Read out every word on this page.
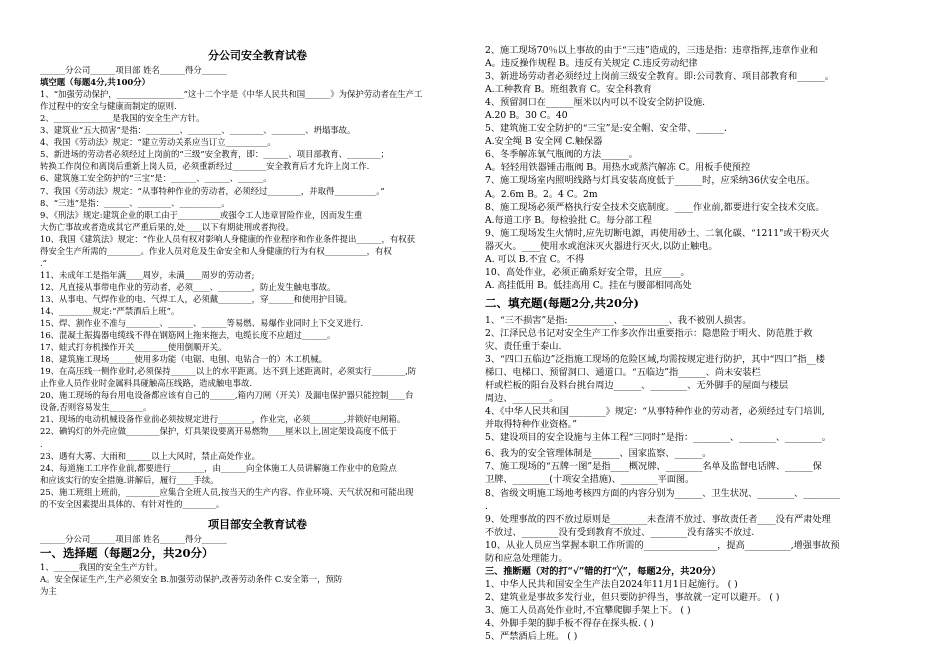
分公司安全教育试卷
______分公司______项目部 姓名______得分______
填空题（每题4分,共100分）
1、“加强劳动保护，________________”这十二个字是《中华人民共和国______》为保护劳动者在生产工
作过程中的安全与健康而制定的原则.
2、______________是我国的安全生产方针。
3、建筑业“五大损害”是指：________、________、________、________、坍塌事故。
4、我国《劳动法》规定：“建立劳动关系应当订立__________。
5、新进场的劳动者必须经过上岗前的“三级”安全教育，即：______、项目部教育、________；
转换工作岗位和离岗后重新上岗人员，必须重新经过________安全教育后才允许上岗工作.
6、建筑施工安全防护的“三宝”是：______、______、______。
7、我国《劳动法》规定：“从事特种作业的劳动者，必须经过________，并取得__________。”
8、“三违”是指：______、________、__________。
9、《刑法》规定:建筑企业的职工由于__________或强令工人违章冒险作业，因而发生重
大伤亡事故或者造成其它严重后果的,处____以下有期徒刑或者拘役。
10、我国《建筑法》规定：“作业人员有权对影响人身健康的作业程序和作业条件提出______，有权获
得安全生产所需的________。作业人员对危及生命安全和人身健康的行为有权__________，有权
.”
11、未成年工是指年满____周岁，未满____周岁的劳动者;
12、凡直接从事带电作业的劳动者，必须____、________，防止发生触电事故。
13、从事电、气焊作业的电、气焊工人，必须戴________，穿______和使用护目镜。
14、________规定:“严禁酒后上班”。
15、焊、割作业不准与________、______、______等易燃、易爆作业同时上下交叉进行.
16、混凝土振捣器电缆线不得在钢筋网上拖来拖去，电缆长度不应超过______。
17、蛙式打夯机操作开关________使用倒顺开关。
18、建筑施工现场______使用多功能（电锯、电刨、电钻合一的）木工机械。
19、在高压线一侧作业时,必须保持______以上的水平距离。达不到上述距离时，必须实行________,防
止作业人员作业时金属料具碰触高压线路，造成触电事故.
20、施工现场的每台用电设备都应该有自己的______,箱内刀闸（开关）及漏电保护器只能控制____台
设备,否则容易发生________。
21、现场的电动机械设备作业前必须按规定进行________，作业完，必须________,并锁好电闸箱。
22、碘钨灯的外壳应做________保护，灯具架设要离开易燃物____厘米以上,固定架设高度不低于
.
23、遇有大雾、大雨和______以上大风时，禁止高处作业。
24、每道施工工序作业前,都要进行________，由______向全体施工人员讲解施工作业中的危险点
和应该实行的安全措施.讲解后，履行____手续。
25、施工班组上班前，________应集合全班人员,按当天的生产内容、作业环境、天气状况和可能出现
的不安全因素提出具体的、有针对性的________。
项目部安全教育试卷
______分公司______项目部 姓名______得分______
一、选择题（每题2分，共20分）
1、______我国的安全生产方针。
A。安全保证生产,生产必须安全 B.加强劳动保护,改善劳动条件 C.安全第一，预防
为主
2、施工现场70％以上事故的由于“三违”造成的，三违是指：违章指挥,违章作业和
A。违反操作规程 B。违反有关规定 C.违反劳动纪律
3、新进场劳动者必须经过上岗前三级安全教育。即:公司教育、项目部教育和______。
A.工种教育 B。班组教育 C。安全科教育
4、预留洞口在______厘米以内可以不设安全防护设施.
A.20 B。30 C。40
5、建筑施工安全防护的“三宝”是:安全帽、安全带、______.
A.安全绳 B 安全网 C.触保器
6、冬季解冻氧气瓶阀的方法______。
A。轻轻用铁器锤击瓶阀 B。用热水或蒸汽解冻 C。用板手使预控
7、施工现场室内照明线路与灯具安装高度低于______时，应采纳36伏安全电压。
A。2.6m B。2。4 C。2m
8、施工现场必须严格执行安全技术交底制度。____作业前,都要进行安全技术交底。
A.每道工序 B。每检验批 C。每分部工程
9、施工现场发生火情时,应先切断电源，再使用砂土、二氧化碳、“1211"或干粉灭火
器灭火。____使用水或泡沫灭火器进行灭火,以防止触电。
A. 可以 B.不宜 C。不得
10、高处作业，必须正确系好安全带，且应____。
A. 高挂低用 B。低挂高用 C。挂在与腰部相同高处
二、填充题(每题2分,共20分)
1、“三不损害”是指:__________、__________、我不被别人损害。
2、江泽民总书记对安全生产工作多次作出重要指示：隐患险于明火、防范胜于救
灾、责任重于泰山.
3、“四口五临边”泛指施工现场的危险区域,均需按规定进行防护，其中“四口”指__楼
梯口、电梯口、预留洞口、通道口。“五临边”指______、尚未安装栏
杆或栏板的阳台及料台挑台周边______、________、无外脚手的屋面与楼层
周边、________。
4、《中华人民共和国________》规定：“从事特种作业的劳动者，必须经过专门培训,
并取得特种作业资格。”
5、建设项目的安全设施与主体工程“三同时”是指：________、________、________。
6、我为的安全管理体制是______、国家监察、______。
7、施工现场的“五牌一图”是指____概况牌、________名单及监督电话牌、______保
卫牌、________(十项安全措施)、________平面图。
8、省级文明施工场地考核四方面的内容分别为______、卫生状况、________、________
.
9、处理事故的四不放过原则是________未查清不放过、事故责任者____没有严肃处理
不放过、________没有受到教育不放过、________没有落实不放过.
10、从业人员应当掌握本职工作所需的________________，提高__________,增强事故预
防和应急处理能力。
三、推断题（对的打“√”错的打“╳”，每题2分，共20分）
1、中华人民共和国安全生产法自2024年11月1日起施行。 ( )
2、建筑业是事故多发行业，但只要防护得当，事故就一定可以避开。 ( )
3、施工人员高处作业时,不宜攀爬脚手架上下。 ( )
4、外脚手架的脚手板不得存在探头板. ( )
5、严禁酒后上班。 ( )
